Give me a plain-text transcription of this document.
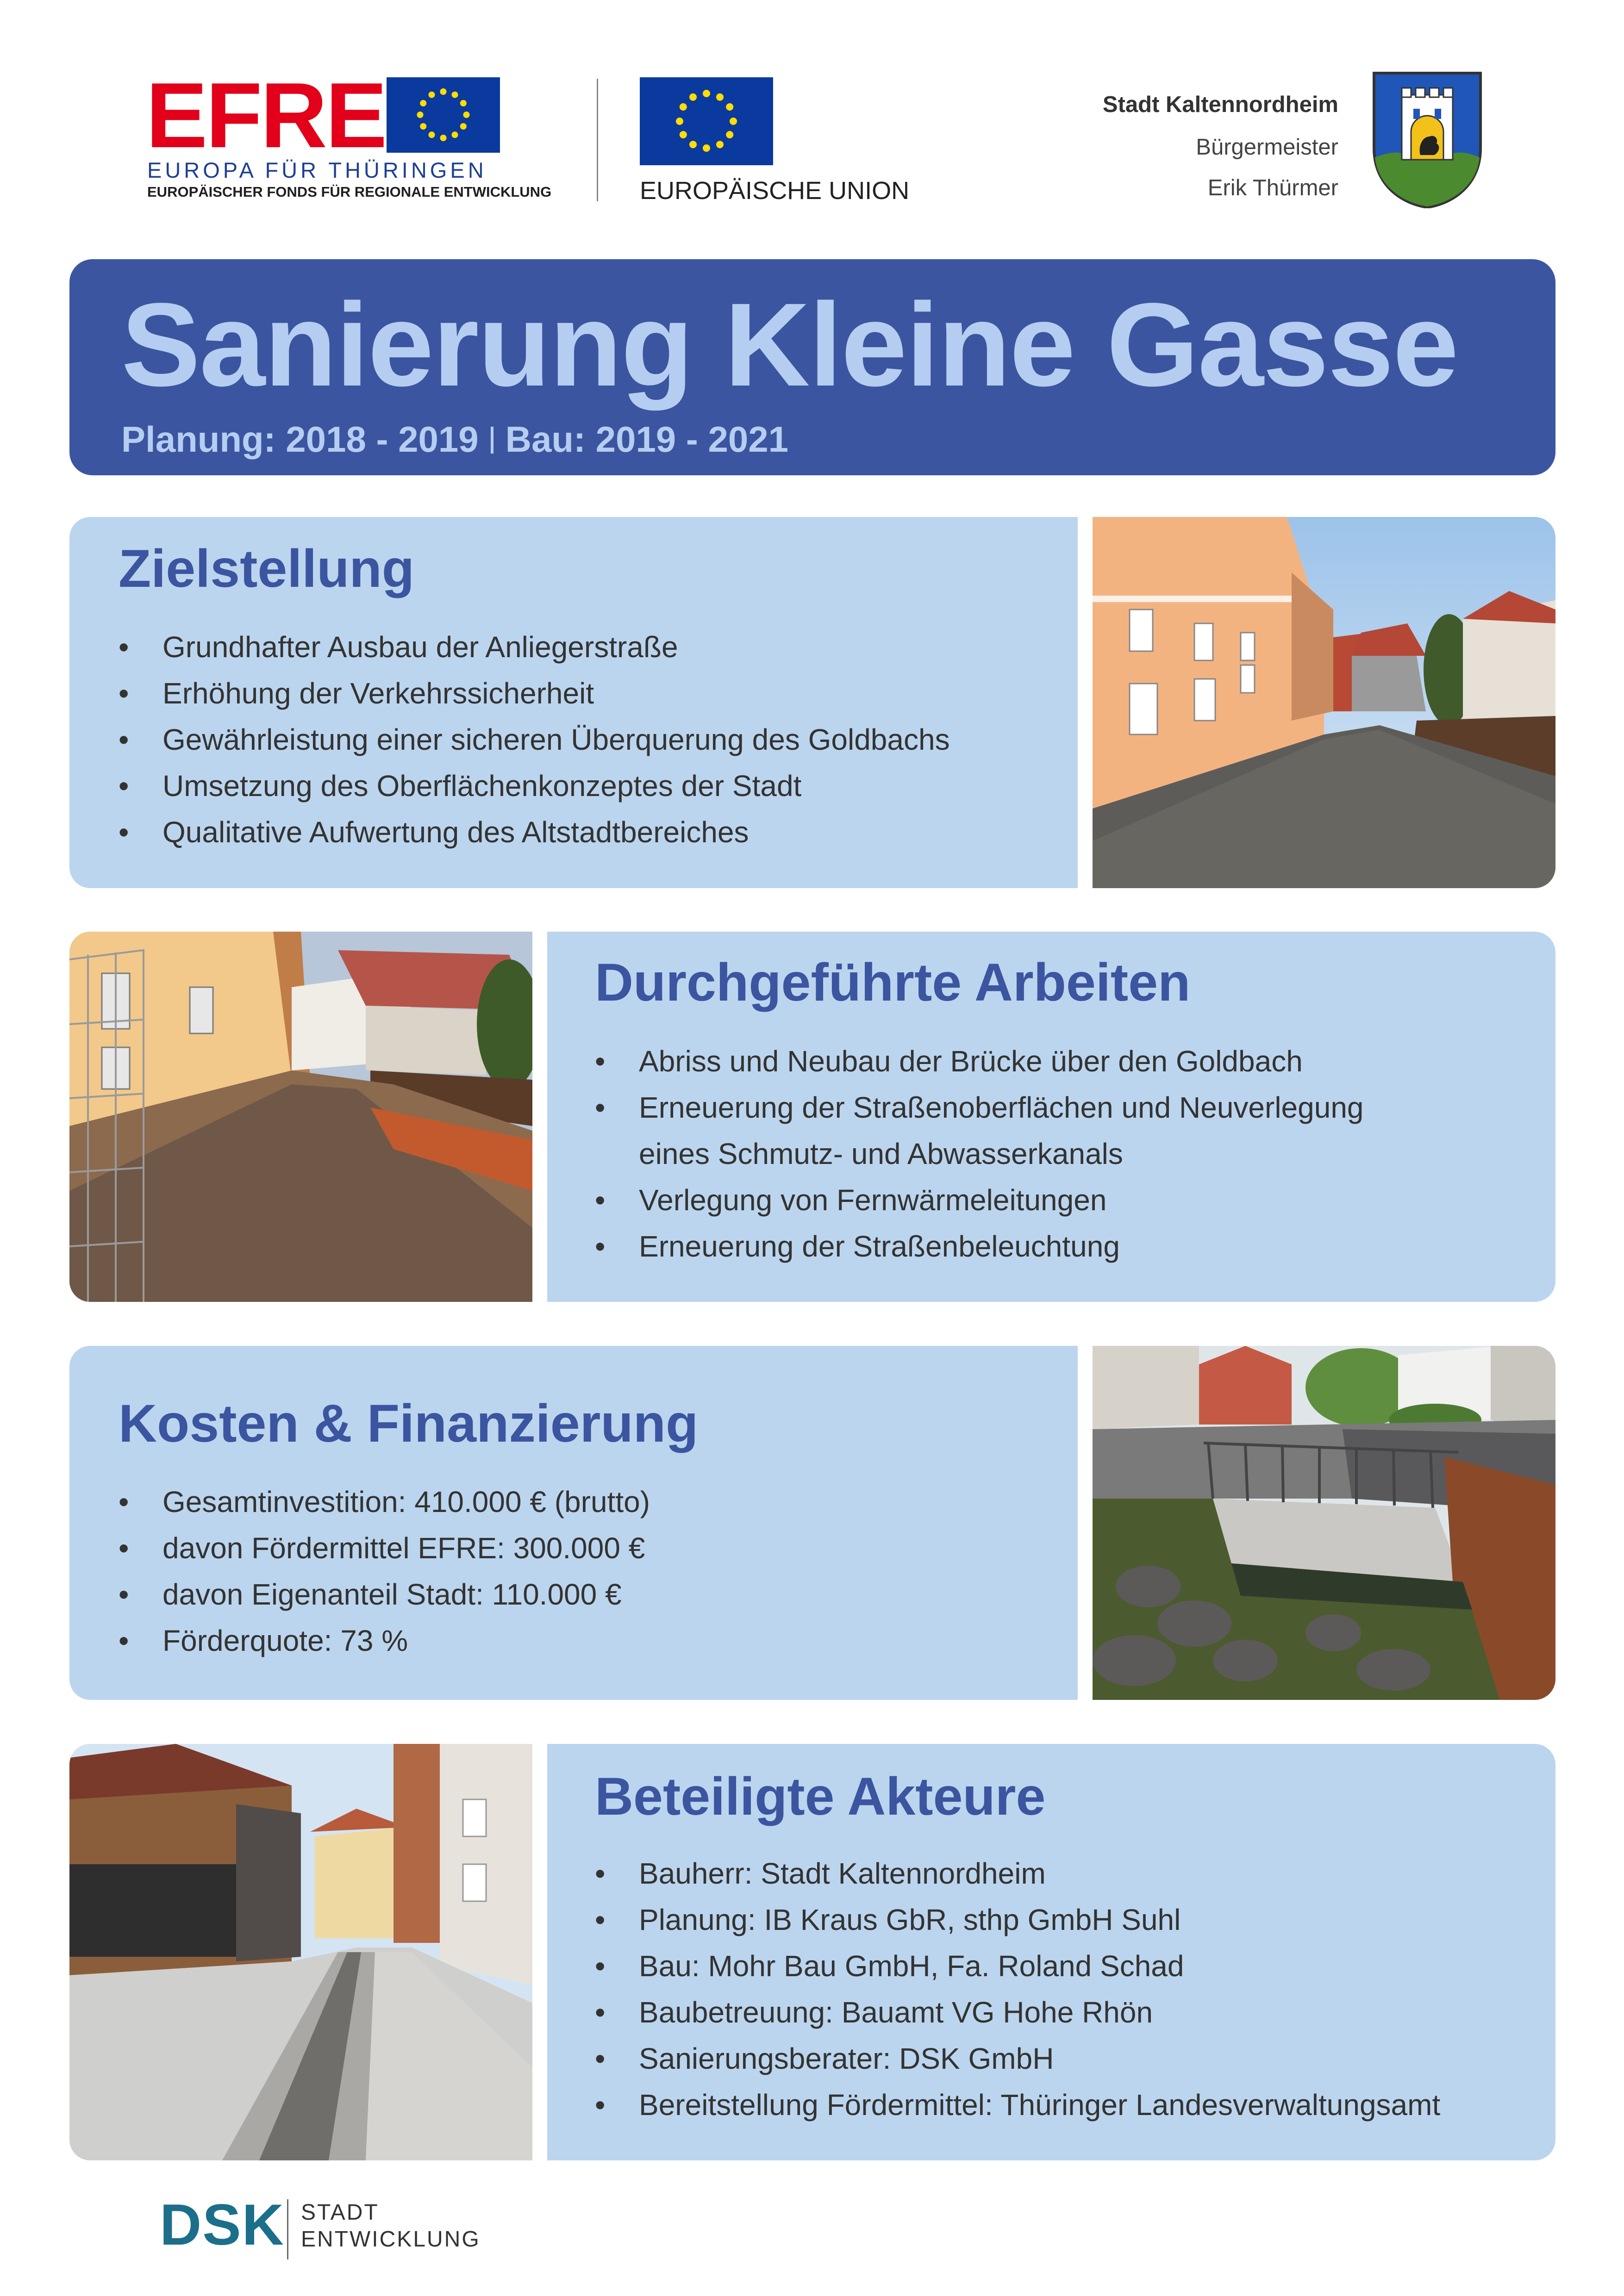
EFRE
EUROPA FÜR THÜRINGEN
EUROPÄISCHER FONDS FÜR REGIONALE ENTWICKLUNG	EUROPÄISCHE UNION
Stadt Kaltennordheim
Bürgermeister
Erik Thürmer
Sanierung Kleine Gasse
Planung: 2018 - 2019 Bau: 2019 - 2021
Zielstellung
• Grundhafter Ausbau der Anliegerstraße
• Erhöhung der Verkehrssicherheit
• Gewährleistung einer sicheren Überquerung des Goldbachs
• Umsetzung des Oberflächenkonzeptes der Stadt
• Qualitative Aufwertung des Altstadtbereiches
Durchgeführte Arbeiten
• Abriss und Neubau der Brücke über den Goldbach
• Erneuerung der Straßenoberflächen und Neuverlegung
eines Schmutz- und Abwasserkanals
• Verlegung von Fernwärmeleitungen
• Erneuerung der Straßenbeleuchtung
Kosten & Finanzierung
• Gesamtinvestition: 410.000 € (brutto)
• davon Fördermittel EFRE: 300.000 €
• davon Eigenanteil Stadt: 110.000 €
• Förderquote: 73 %
Beteiligte Akteure
• Bauherr: Stadt Kaltennordheim
• Planung: IB Kraus GbR, sthp GmbH Suhl
• Bau: Mohr Bau GmbH, Fa. Roland Schad
• Baubetreuung: Bauamt VG Hohe Rhön
• Sanierungsberater: DSK GmbH
• Bereitstellung Fördermittel: Thüringer Landesverwaltungsamt
DSK STADT
ENTWICKLUNG
